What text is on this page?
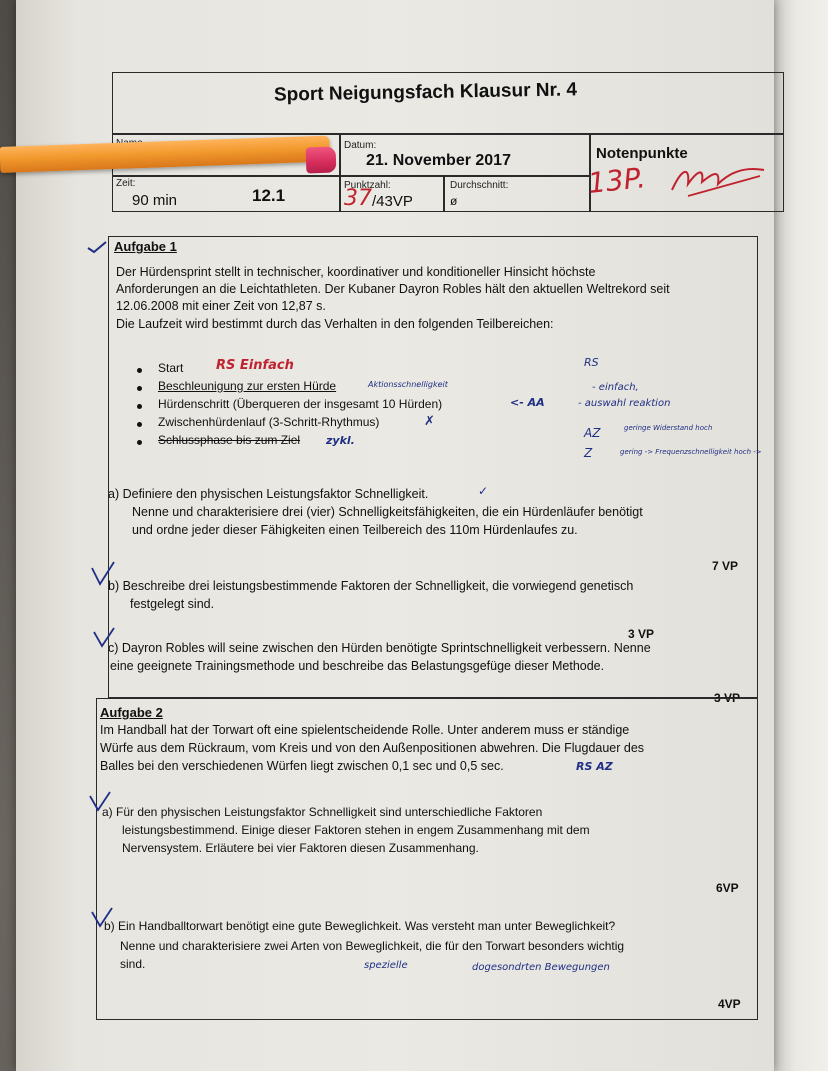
Sport Neigungsfach Klausur Nr. 4
Datum:
21. November 2017	Notenpunkte
13P.
Zeit:
90 min	12.1
Punktzahl:
37 /43VP
Durchschnitt:
ø
Aufgabe 1
Der Hürdensprint stellt in technischer, koordinativer und konditioneller Hinsicht höchste
Anforderungen an die Leichtathleten. Der Kubaner Dayron Robles hält den aktuellen Weltrekord seit
12.06.2008 mit einer Zeit von 12,87 s.
Die Laufzeit wird bestimmt durch das Verhalten in den folgenden Teilbereichen:
Start	RS Einfach
Beschleunigung zur ersten Hürde	Aktionsschnelligkeit
Hürdenschritt (Überqueren der insgesamt 10 Hürden)	<- AA
Zwischenhürdenlauf (3-Schritt-Rhythmus)	✗
Schlussphase bis zum Ziel zykl.
RS
- einfach,
- auswahl reaktion
AZ	geringe Widerstand hoch
Z	gering -> Frequenzschnelligkeit hoch ->
a) Definiere den physischen Leistungsfaktor Schnelligkeit.	✓
Nenne und charakterisiere drei (vier) Schnelligkeitsfähigkeiten, die ein Hürdenläufer benötigt
und ordne jeder dieser Fähigkeiten einen Teilbereich des 110m Hürdenlaufes zu.
7 VP
b) Beschreibe drei leistungsbestimmende Faktoren der Schnelligkeit, die vorwiegend genetisch
festgelegt sind.
3 VP
c) Dayron Robles will seine zwischen den Hürden benötigte Sprintschnelligkeit verbessern. Nenne
eine geeignete Trainingsmethode und beschreibe das Belastungsgefüge dieser Methode.
3 VP
Aufgabe 2
Im Handball hat der Torwart oft eine spielentscheidende Rolle. Unter anderem muss er ständige
Würfe aus dem Rückraum, vom Kreis und von den Außenpositionen abwehren. Die Flugdauer des
Balles bei den verschiedenen Würfen liegt zwischen 0,1 sec und 0,5 sec.	RS AZ
a) Für den physischen Leistungsfaktor Schnelligkeit sind unterschiedliche Faktoren
leistungsbestimmend. Einige dieser Faktoren stehen in engem Zusammenhang mit dem
Nervensystem. Erläutere bei vier Faktoren diesen Zusammenhang.
6VP
b) Ein Handballtorwart benötigt eine gute Beweglichkeit. Was versteht man unter Beweglichkeit?
Nenne und charakterisiere zwei Arten von Beweglichkeit, die für den Torwart besonders wichtig
sind.	spezielle	dogesondrten Bewegungen
4VP
